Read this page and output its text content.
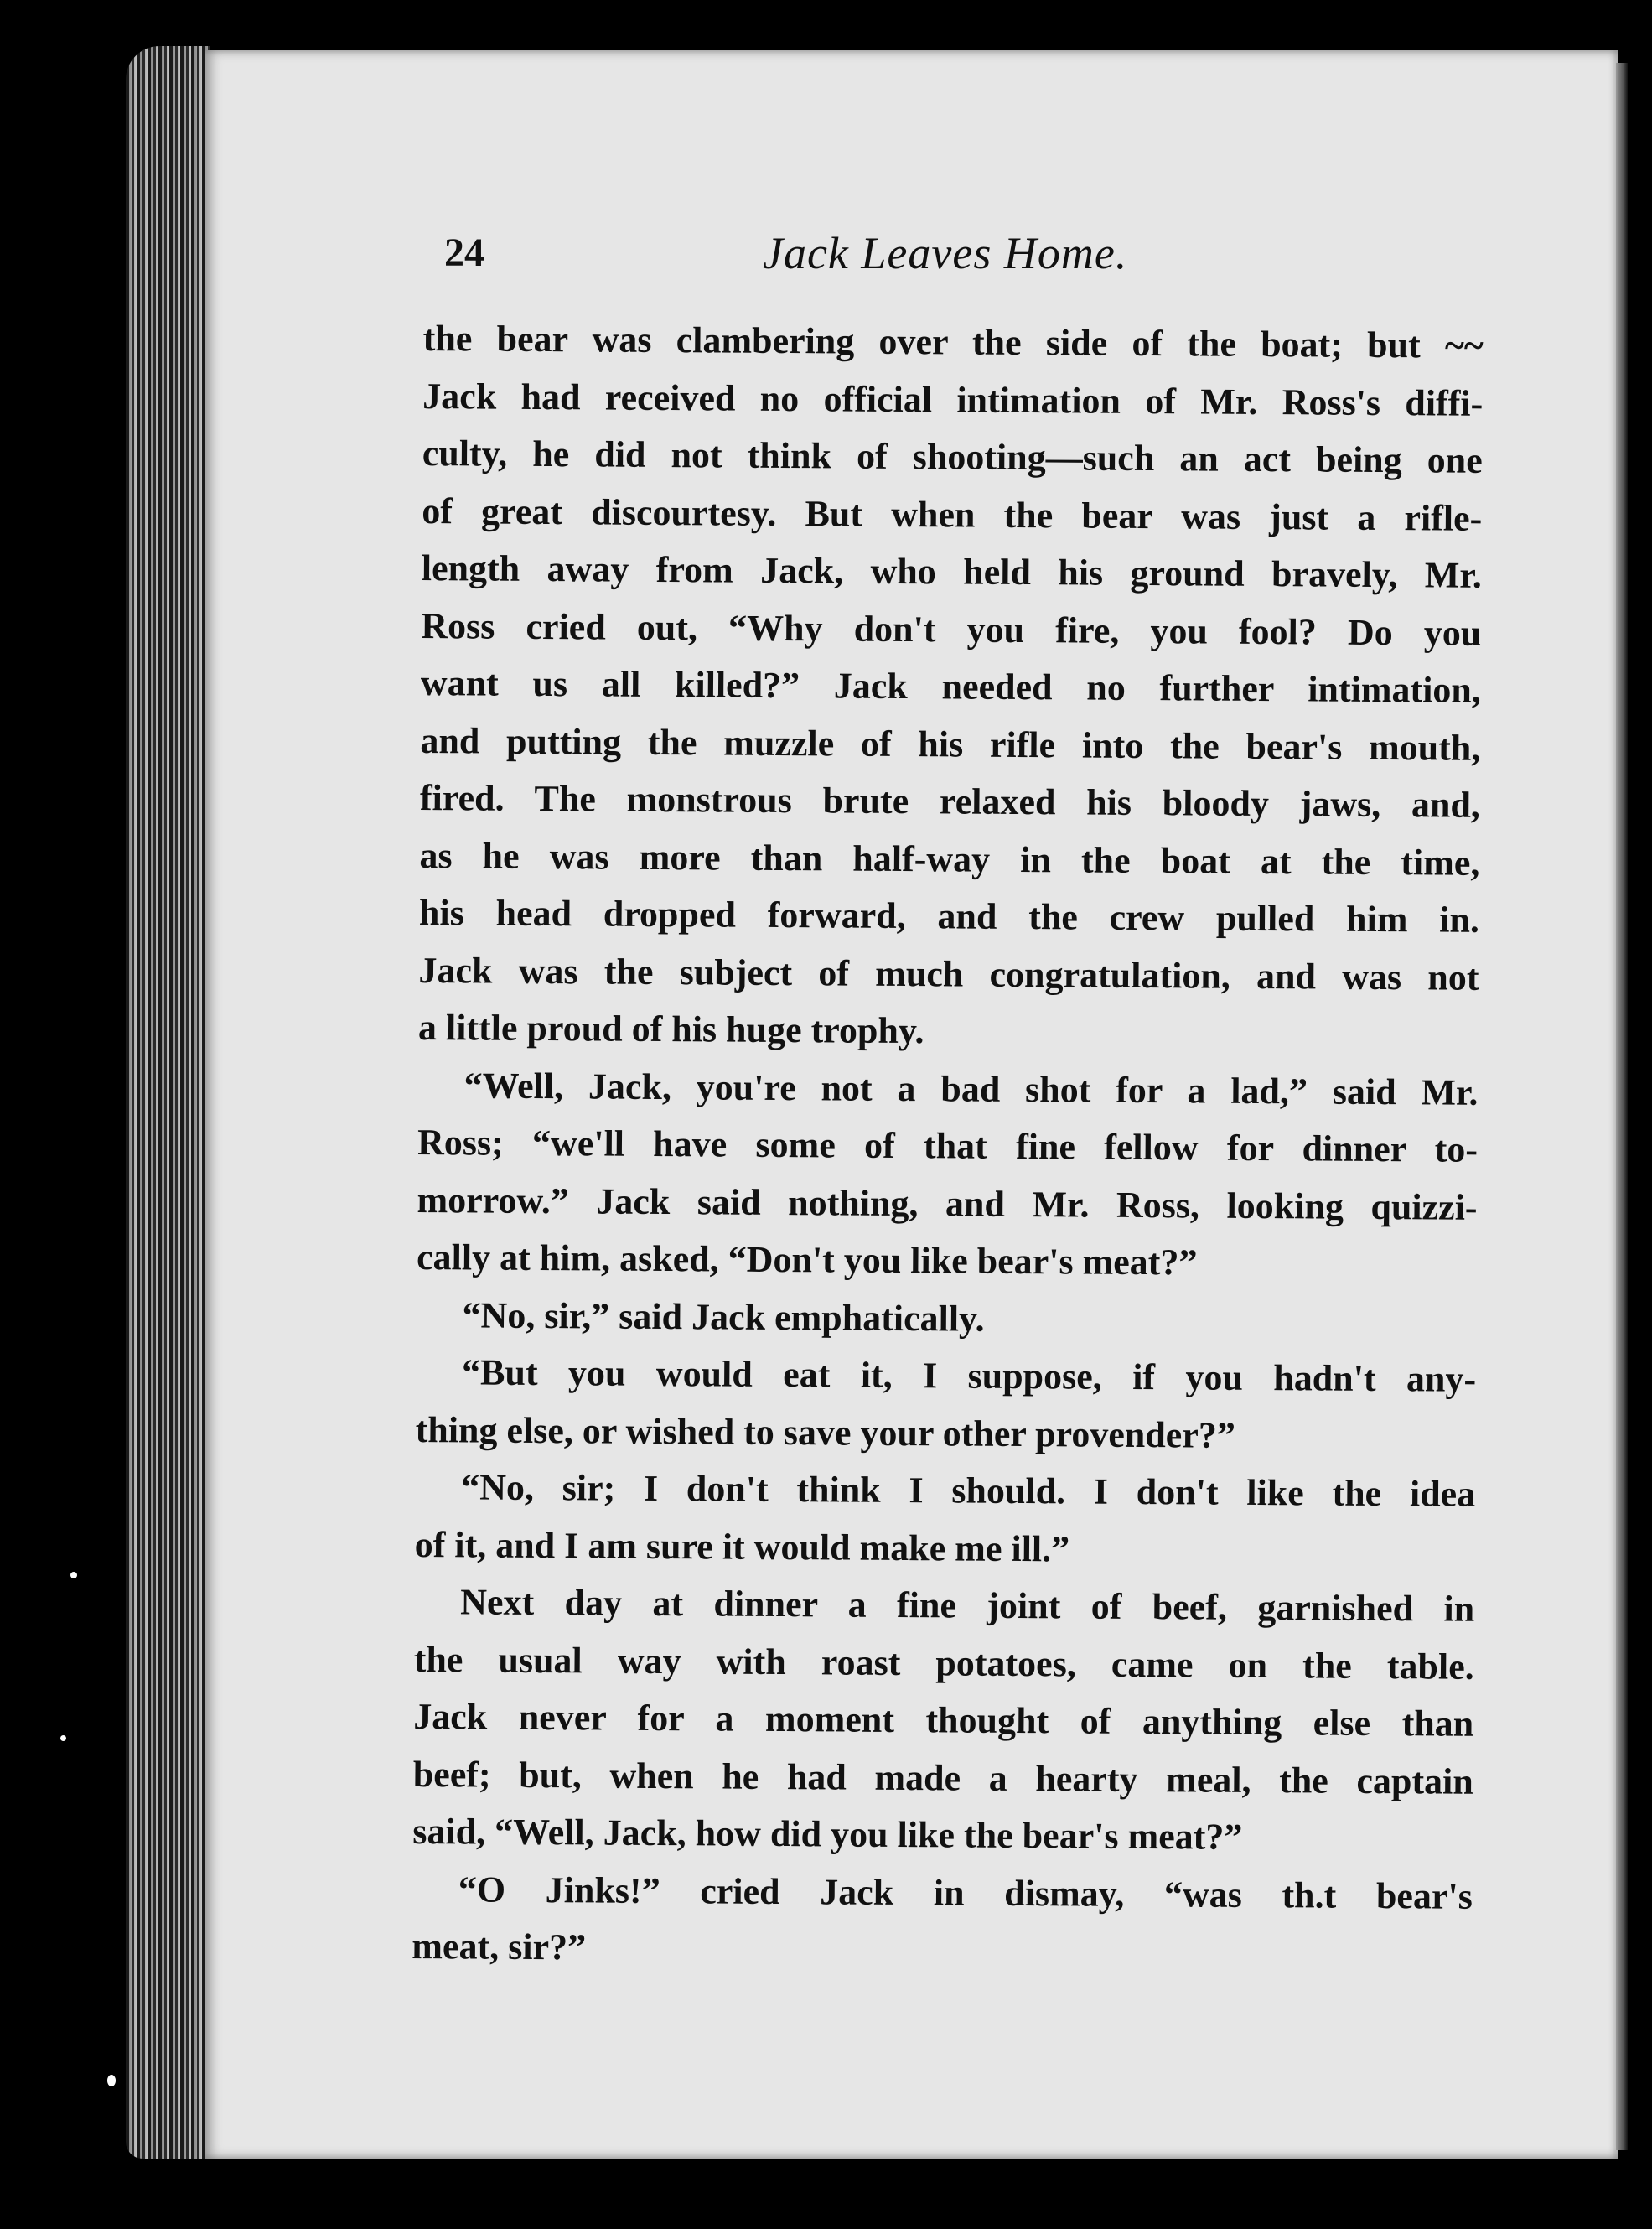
24	Jack Leaves Home.
the bear was clambering over the side of the boat; but ~~
Jack had received no official intimation of Mr. Ross's diffi-
culty, he did not think of shooting—such an act being one
of great discourtesy. But when the bear was just a rifle-
length away from Jack, who held his ground bravely, Mr.
Ross cried out, “Why don't you fire, you fool? Do you
want us all killed?” Jack needed no further intimation,
and putting the muzzle of his rifle into the bear's mouth,
fired. The monstrous brute relaxed his bloody jaws, and,
as he was more than half-way in the boat at the time,
his head dropped forward, and the crew pulled him in.
Jack was the subject of much congratulation, and was not
a little proud of his huge trophy.
“Well, Jack, you're not a bad shot for a lad,” said Mr.
Ross; “we'll have some of that fine fellow for dinner to-
morrow.” Jack said nothing, and Mr. Ross, looking quizzi-
cally at him, asked, “Don't you like bear's meat?”
“No, sir,” said Jack emphatically.
“But you would eat it, I suppose, if you hadn't any-
thing else, or wished to save your other provender?”
“No, sir; I don't think I should. I don't like the idea
of it, and I am sure it would make me ill.”
Next day at dinner a fine joint of beef, garnished in
the usual way with roast potatoes, came on the table.
Jack never for a moment thought of anything else than
beef; but, when he had made a hearty meal, the captain
said, “Well, Jack, how did you like the bear's meat?”
“O Jinks!” cried Jack in dismay, “was th.t bear's
meat, sir?”
